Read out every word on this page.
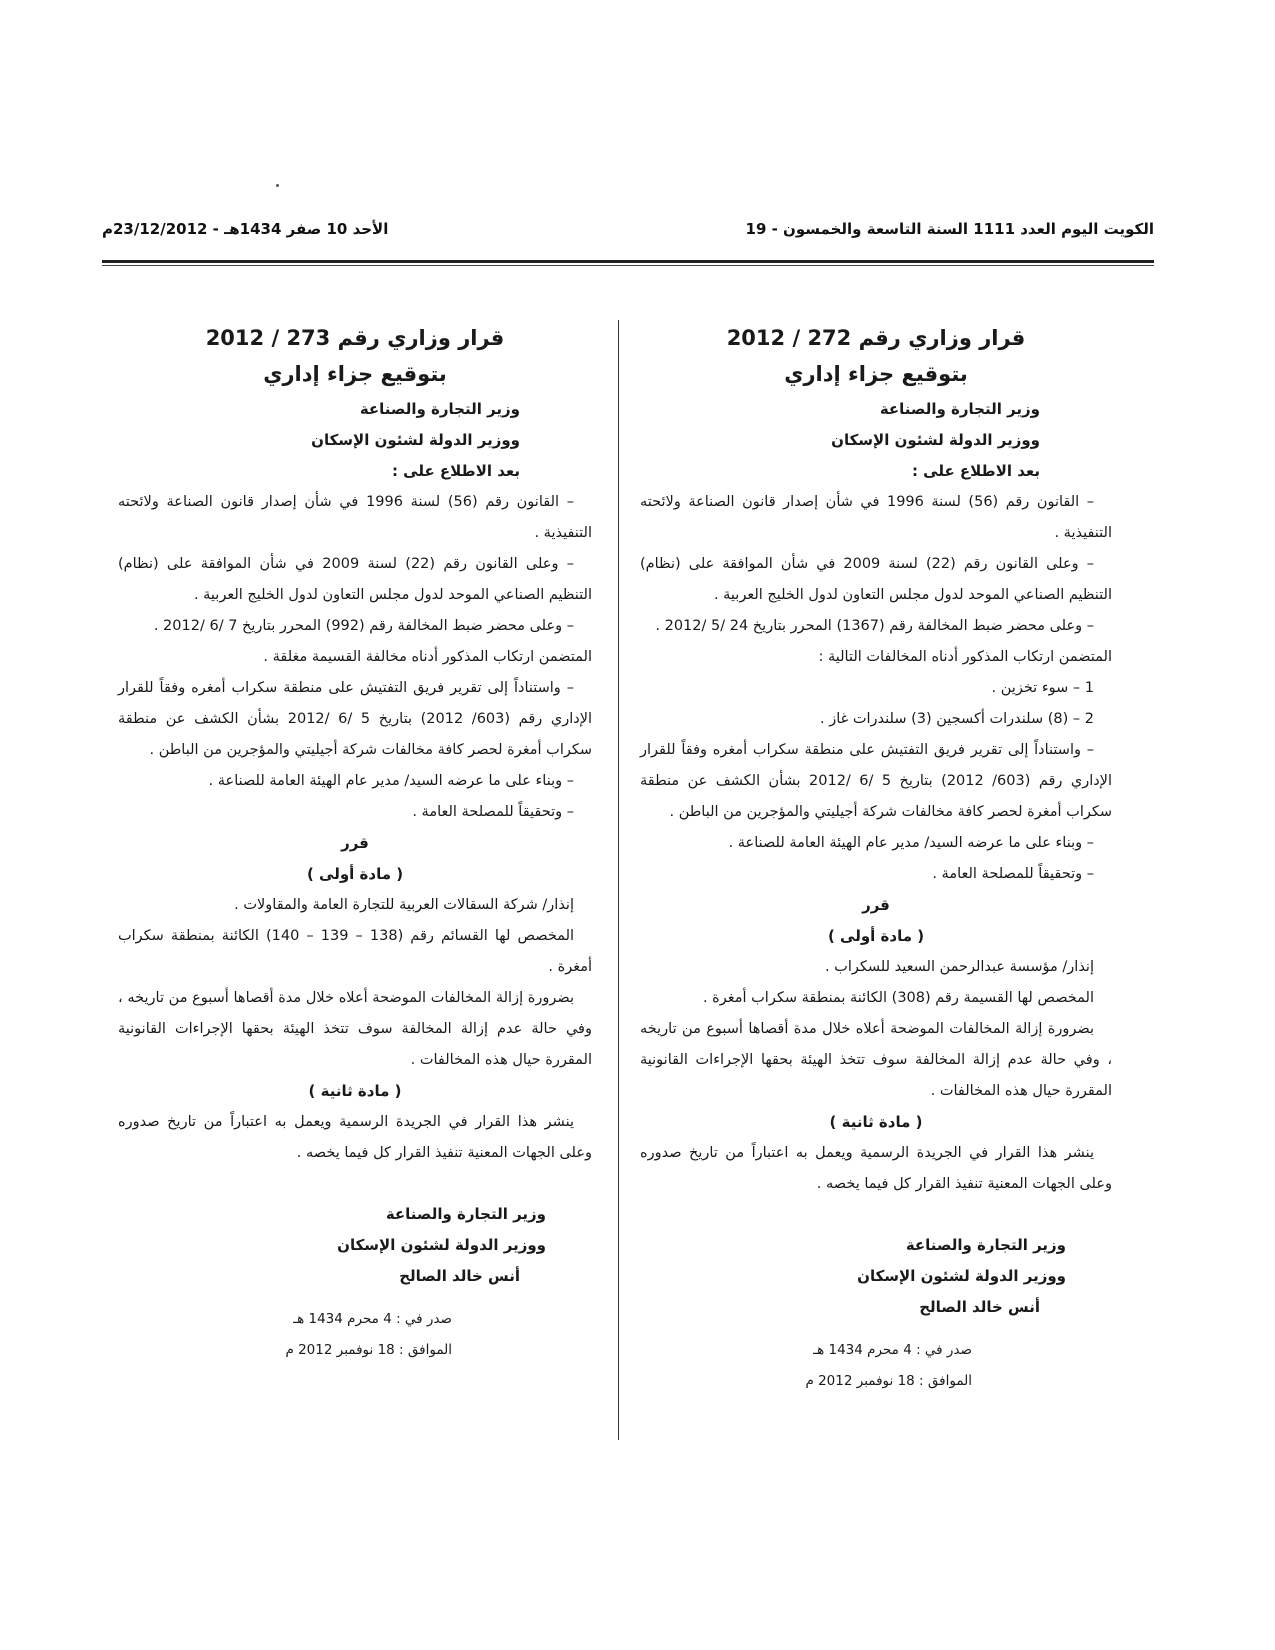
الكويت اليوم العدد 1111 السنة التاسعة والخمسون - 19
الأحد 10 صفر 1434هـ - 23/12/2012م

قرار وزاري رقم 272 / 2012

بتوقيع جزاء إداري

وزير التجارة والصناعة

ووزير الدولة لشئون الإسكان

بعد الاطلاع على :

– القانون رقم (56) لسنة 1996 في شأن إصدار قانون الصناعة ولائحته التنفيذية .

– وعلى القانون رقم (22) لسنة 2009 في شأن الموافقة على (نظام) التنظيم الصناعي الموحد لدول مجلس التعاون لدول الخليج العربية .

– وعلى محضر ضبط المخالفة رقم (1367) المحرر بتاريخ 24 /5 /2012 .

المتضمن ارتكاب المذكور أدناه المخالفات التالية :

1 – سوء تخزين .

2 – (8) سلندرات أكسجين (3) سلندرات غاز .

– واستناداً إلى تقرير فريق التفتيش على منطقة سكراب أمغره وفقاً للقرار الإداري رقم (603/ 2012) بتاريخ 5 /6 /2012 بشأن الكشف عن منطقة سكراب أمغرة لحصر كافة مخالفات شركة أجيليتي والمؤجرين من الباطن .

– وبناء على ما عرضه السيد/ مدير عام الهيئة العامة للصناعة .

– وتحقيقاً للمصلحة العامة .

قرر

( مادة أولى )

إنذار/ مؤسسة عبدالرحمن السعيد للسكراب .

المخصص لها القسيمة رقم (308) الكائنة بمنطقة سكراب أمغرة .

بضرورة إزالة المخالفات الموضحة أعلاه خلال مدة أقصاها أسبوع من تاريخه ، وفي حالة عدم إزالة المخالفة سوف تتخذ الهيئة بحقها الإجراءات القانونية المقررة حيال هذه المخالفات .

( مادة ثانية )

ينشر هذا القرار في الجريدة الرسمية ويعمل به اعتباراً من تاريخ صدوره وعلى الجهات المعنية تنفيذ القرار كل فيما يخصه .

وزير التجارة والصناعة

ووزير الدولة لشئون الإسكان

أنس خالد الصالح

صدر في : 4 محرم 1434 هـ

الموافق : 18 نوفمبر 2012 م

قرار وزاري رقم 273 / 2012

بتوقيع جزاء إداري

وزير التجارة والصناعة

ووزير الدولة لشئون الإسكان

بعد الاطلاع على :

– القانون رقم (56) لسنة 1996 في شأن إصدار قانون الصناعة ولائحته التنفيذية .

– وعلى القانون رقم (22) لسنة 2009 في شأن الموافقة على (نظام) التنظيم الصناعي الموحد لدول مجلس التعاون لدول الخليج العربية .

– وعلى محضر ضبط المخالفة رقم (992) المحرر بتاريخ 7 /6 /2012 .

المتضمن ارتكاب المذكور أدناه مخالفة القسيمة مغلقة .

– واستناداً إلى تقرير فريق التفتيش على منطقة سكراب أمغره وفقاً للقرار الإداري رقم (603/ 2012) بتاريخ 5 /6 /2012 بشأن الكشف عن منطقة سكراب أمغرة لحصر كافة مخالفات شركة أجيليتي والمؤجرين من الباطن .

– وبناء على ما عرضه السيد/ مدير عام الهيئة العامة للصناعة .

– وتحقيقاً للمصلحة العامة .

قرر

( مادة أولى )

إنذار/ شركة السقالات العربية للتجارة العامة والمقاولات .

المخصص لها القسائم رقم (138 – 139 – 140) الكائنة بمنطقة سكراب أمغرة .

بضرورة إزالة المخالفات الموضحة أعلاه خلال مدة أقصاها أسبوع من تاريخه ، وفي حالة عدم إزالة المخالفة سوف تتخذ الهيئة بحقها الإجراءات القانونية المقررة حيال هذه المخالفات .

( مادة ثانية )

ينشر هذا القرار في الجريدة الرسمية ويعمل به اعتباراً من تاريخ صدوره وعلى الجهات المعنية تنفيذ القرار كل فيما يخصه .

وزير التجارة والصناعة

ووزير الدولة لشئون الإسكان

أنس خالد الصالح

صدر في : 4 محرم 1434 هـ

الموافق : 18 نوفمبر 2012 م
